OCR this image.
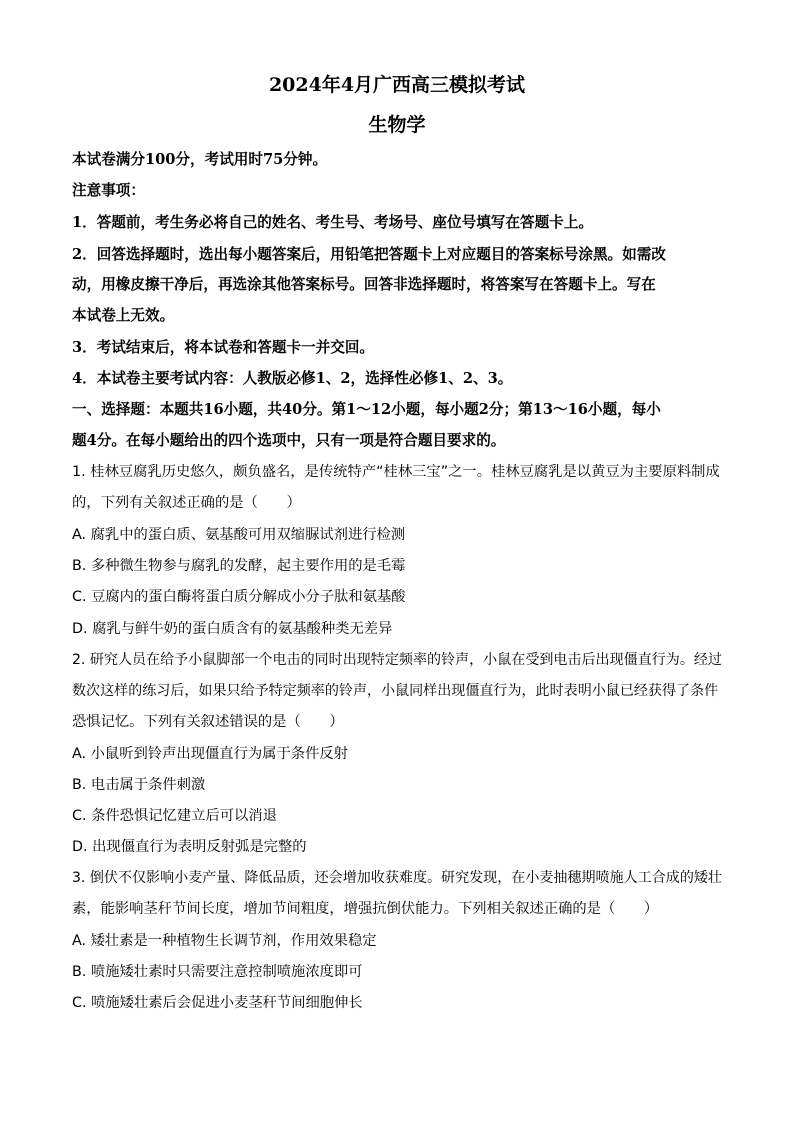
2024年4月广西高三模拟考试
生物学

本试卷满分100分，考试用时75分钟。

注意事项：

1．答题前，考生务必将自己的姓名、考生号、考场号、座位号填写在答题卡上。

2．回答选择题时，选出每小题答案后，用铅笔把答题卡上对应题目的答案标号涂黑。如需改

动，用橡皮擦干净后，再选涂其他答案标号。回答非选择题时，将答案写在答题卡上。写在

本试卷上无效。

3．考试结束后，将本试卷和答题卡一并交回。

4．本试卷主要考试内容：人教版必修1、2，选择性必修1、2、3。

一、选择题：本题共16小题，共40分。第1～12小题，每小题2分；第13～16小题，每小

题4分。在每小题给出的四个选项中，只有一项是符合题目要求的。

1. 桂林豆腐乳历史悠久，颇负盛名，是传统特产“桂林三宝”之一。桂林豆腐乳是以黄豆为主要原料制成

的，下列有关叙述正确的是（　　）

A. 腐乳中的蛋白质、氨基酸可用双缩脲试剂进行检测

B. 多种微生物参与腐乳的发酵，起主要作用的是毛霉

C. 豆腐内的蛋白酶将蛋白质分解成小分子肽和氨基酸

D. 腐乳与鲜牛奶的蛋白质含有的氨基酸种类无差异

2. 研究人员在给予小鼠脚部一个电击的同时出现特定频率的铃声，小鼠在受到电击后出现僵直行为。经过

数次这样的练习后，如果只给予特定频率的铃声，小鼠同样出现僵直行为，此时表明小鼠已经获得了条件

恐惧记忆。下列有关叙述错误的是（　　）

A. 小鼠听到铃声出现僵直行为属于条件反射

B. 电击属于条件刺激

C. 条件恐惧记忆建立后可以消退

D. 出现僵直行为表明反射弧是完整的

3. 倒伏不仅影响小麦产量、降低品质，还会增加收获难度。研究发现，在小麦抽穗期喷施人工合成的矮壮

素，能影响茎秆节间长度，增加节间粗度，增强抗倒伏能力。下列相关叙述正确的是（　　）

A. 矮壮素是一种植物生长调节剂，作用效果稳定

B. 喷施矮壮素时只需要注意控制喷施浓度即可

C. 喷施矮壮素后会促进小麦茎秆节间细胞伸长
